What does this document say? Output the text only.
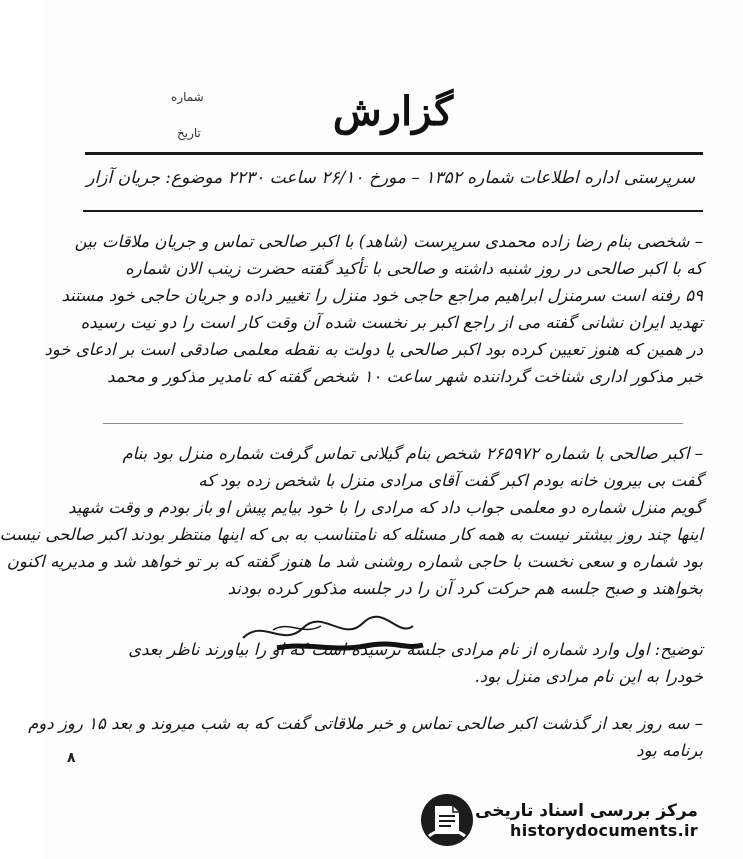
شماره
تاریخ	گزارش
سرپرستی اداره اطلاعات شماره ۱۳۵۲ – مورخ ۲۶/۱۰ ساعت ۲۲۳۰ موضوع: جریان آزار
– شخصی بنام رضا زاده محمدی سرپرست (شاهد) با اکبر صالحی تماس و جریان ملاقات بین
که با اکبر صالحی در روز شنبه داشته و صالحی با تأکید گفته حضرت زینب الان شماره
۵۹ رفته است سرمنزل ابراهیم مراجع حاجی خود منزل را تغییر داده و جریان حاجی خود مستند
تهدید ایران نشانی گفته می از راجع اکبر بر نخست شده آن وقت کار است را دو نیت رسیده
در همین که هنوز تعیین کرده بود اکبر صالحی یا دولت به نقطه معلمی صادقی است بر ادعای خود
خبر مذکور اداری شناخت گرداننده شهر ساعت ۱۰ شخص گفته که نامدیر مذکور و محمد
– اکبر صالحی با شماره ۲۶۵۹۷۲ شخص بنام گیلانی تماس گرفت شماره منزل بود بنام
گفت بی بیرون خانه بودم اکبر گفت آقای مرادی منزل با شخص زده بود که
گویم منزل شماره دو معلمی جواب داد که مرادی را با خود بیایم پیش او باز بودم و وقت شهید
اینها چند روز بیشتر نیست به همه کار مسئله که نامتناسب به بی که اینها منتظر بودند اکبر صالحی نیست
بود شماره و سعی نخست با حاجی شماره روشنی شد ما هنوز گفته که بر تو خواهد شد و مدیریه اکنون
بخواهند و صبح جلسه هم حرکت کرد آن را در جلسه مذکور کرده بودند
توضیح: اول وارد شماره از نام مرادی جلسه نرسیده است که او را بیاورند ناظر بعدی
خودرا به این نام مرادی منزل بود.
– سه روز بعد از گذشت اکبر صالحی تماس و خبر ملاقاتی گفت که به شب میروند و بعد ۱۵ روز دوم
برنامه بود
۸
مرکز بررسی اسناد تاریخی
historydocuments.ir
